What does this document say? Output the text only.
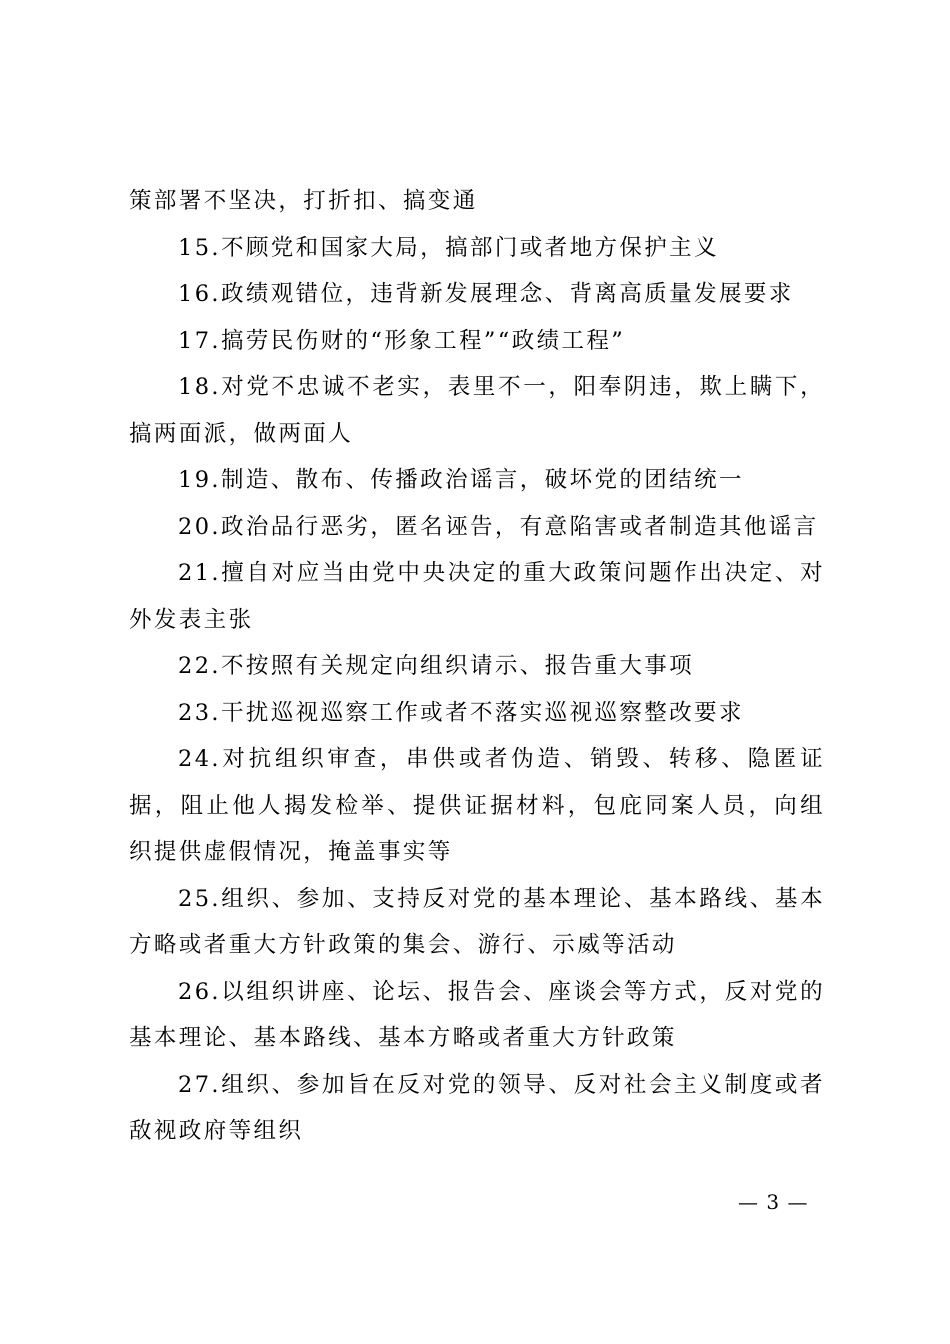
策部署不坚决，打折扣、搞变通

15.不顾党和国家大局，搞部门或者地方保护主义

16.政绩观错位，违背新发展理念、背离高质量发展要求

17.搞劳民伤财的“形象工程”“政绩工程”

18.对党不忠诚不老实，表里不一，阳奉阴违，欺上瞒下，搞两面派，做两面人

19.制造、散布、传播政治谣言，破坏党的团结统一

20.政治品行恶劣，匿名诬告，有意陷害或者制造其他谣言

21.擅自对应当由党中央决定的重大政策问题作出决定、对外发表主张

22.不按照有关规定向组织请示、报告重大事项

23.干扰巡视巡察工作或者不落实巡视巡察整改要求

24.对抗组织审查，串供或者伪造、销毁、转移、隐匿证据，阻止他人揭发检举、提供证据材料，包庇同案人员，向组织提供虚假情况，掩盖事实等

25.组织、参加、支持反对党的基本理论、基本路线、基本方略或者重大方针政策的集会、游行、示威等活动

26.以组织讲座、论坛、报告会、座谈会等方式，反对党的基本理论、基本路线、基本方略或者重大方针政策

27.组织、参加旨在反对党的领导、反对社会主义制度或者敌视政府等组织

— 3 —
